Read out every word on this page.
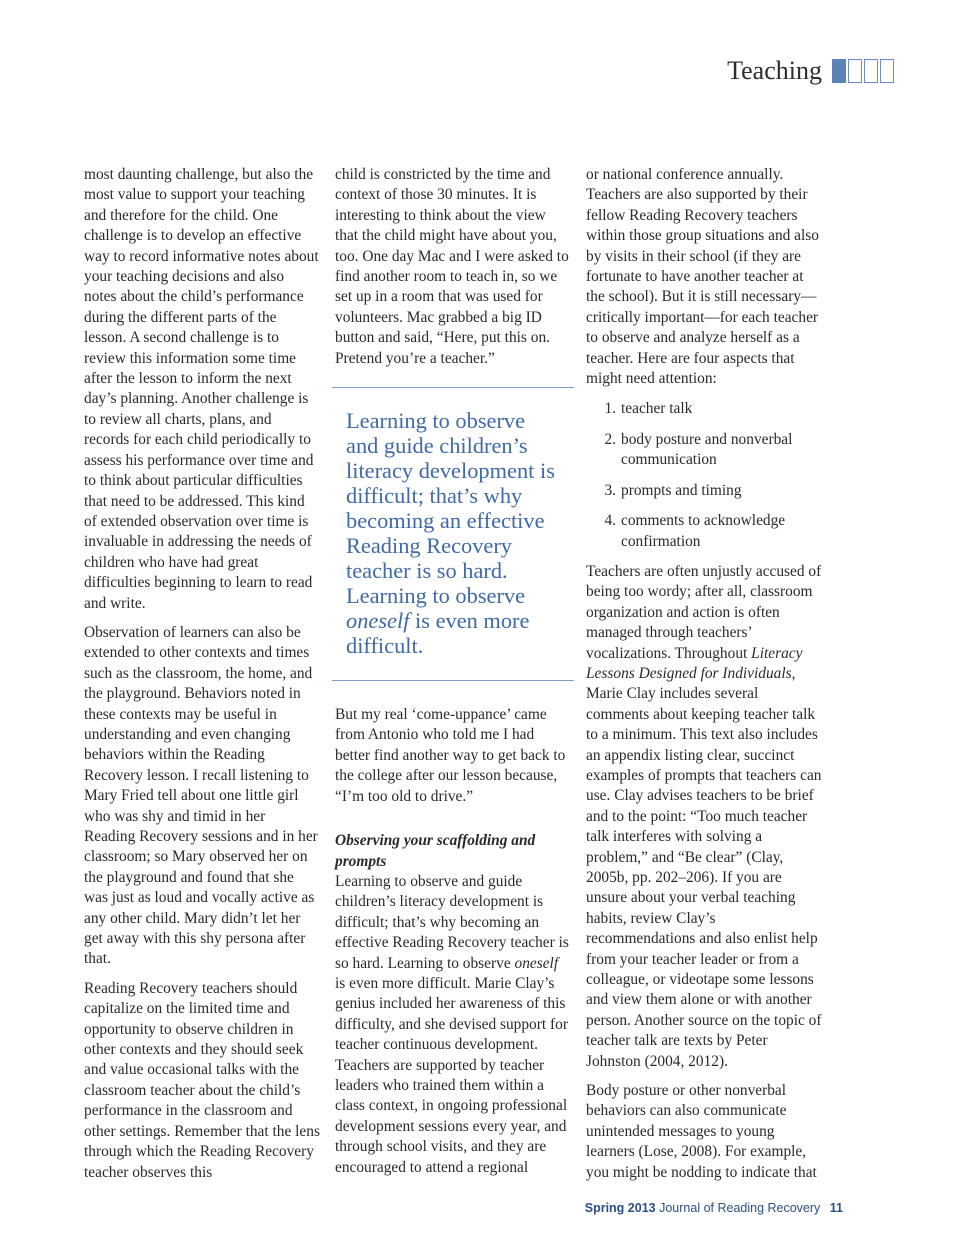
Teaching

most daunting challenge, but also the most value to support your teaching and therefore for the child. One challenge is to develop an effective way to record informative notes about your teaching decisions and also notes about the child’s performance during the different parts of the lesson. A second challenge is to review this information some time after the lesson to inform the next day’s planning. Another challenge is to review all charts, plans, and records for each child periodically to assess his performance over time and to think about particular difficulties that need to be addressed. This kind of extended observation over time is invaluable in addressing the needs of children who have had great difficulties beginning to learn to read and write.

Observation of learners can also be extended to other contexts and times such as the classroom, the home, and the playground. Behaviors noted in these contexts may be useful in understanding and even changing behaviors within the Reading Recovery lesson. I recall listening to Mary Fried tell about one little girl who was shy and timid in her Reading Recovery sessions and in her classroom; so Mary observed her on the playground and found that she was just as loud and vocally active as any other child. Mary didn’t let her get away with this shy persona after that.

Reading Recovery teachers should capitalize on the limited time and opportunity to observe children in other contexts and they should seek and value occasional talks with the classroom teacher about the child’s performance in the classroom and other settings. Remember that the lens through which the Reading Recovery teacher observes this

child is constricted by the time and context of those 30 minutes. It is interesting to think about the view that the child might have about you, too. One day Mac and I were asked to find another room to teach in, so we set up in a room that was used for volunteers. Mac grabbed a big ID button and said, “Here, put this on. Pretend you’re a teacher.”

Learning to observe and guide children’s literacy development is difficult; that’s why becoming an effective Reading Recovery teacher is so hard. Learning to observe oneself is even more difficult.

But my real ‘come-uppance’ came from Antonio who told me I had better find another way to get back to the college after our lesson because, “I’m too old to drive.”

Observing your scaffolding and prompts

Learning to observe and guide children’s literacy development is difficult; that’s why becoming an effective Reading Recovery teacher is so hard. Learning to observe oneself is even more difficult. Marie Clay’s genius included her awareness of this difficulty, and she devised support for teacher continuous development. Teachers are supported by teacher leaders who trained them within a class context, in ongoing professional development sessions every year, and through school visits, and they are encouraged to attend a regional

or national conference annually. Teachers are also supported by their fellow Reading Recovery teachers within those group situations and also by visits in their school (if they are fortunate to have another teacher at the school). But it is still necessary—critically important—for each teacher to observe and analyze herself as a teacher. Here are four aspects that might need attention:

1. teacher talk
2. body posture and nonverbal communication
3. prompts and timing
4. comments to acknowledge confirmation

Teachers are often unjustly accused of being too wordy; after all, classroom organization and action is often managed through teachers’ vocalizations. Throughout Literacy Lessons Designed for Individuals, Marie Clay includes several comments about keeping teacher talk to a minimum. This text also includes an appendix listing clear, succinct examples of prompts that teachers can use. Clay advises teachers to be brief and to the point: “Too much teacher talk interferes with solving a problem,” and “Be clear” (Clay, 2005b, pp. 202–206). If you are unsure about your verbal teaching habits, review Clay’s recommendations and also enlist help from your teacher leader or from a colleague, or videotape some lessons and view them alone or with another person. Another source on the topic of teacher talk are texts by Peter Johnston (2004, 2012).

Body posture or other nonverbal behaviors can also communicate unintended messages to young learners (Lose, 2008). For example, you might be nodding to indicate that

Spring 2013 Journal of Reading Recovery 11
